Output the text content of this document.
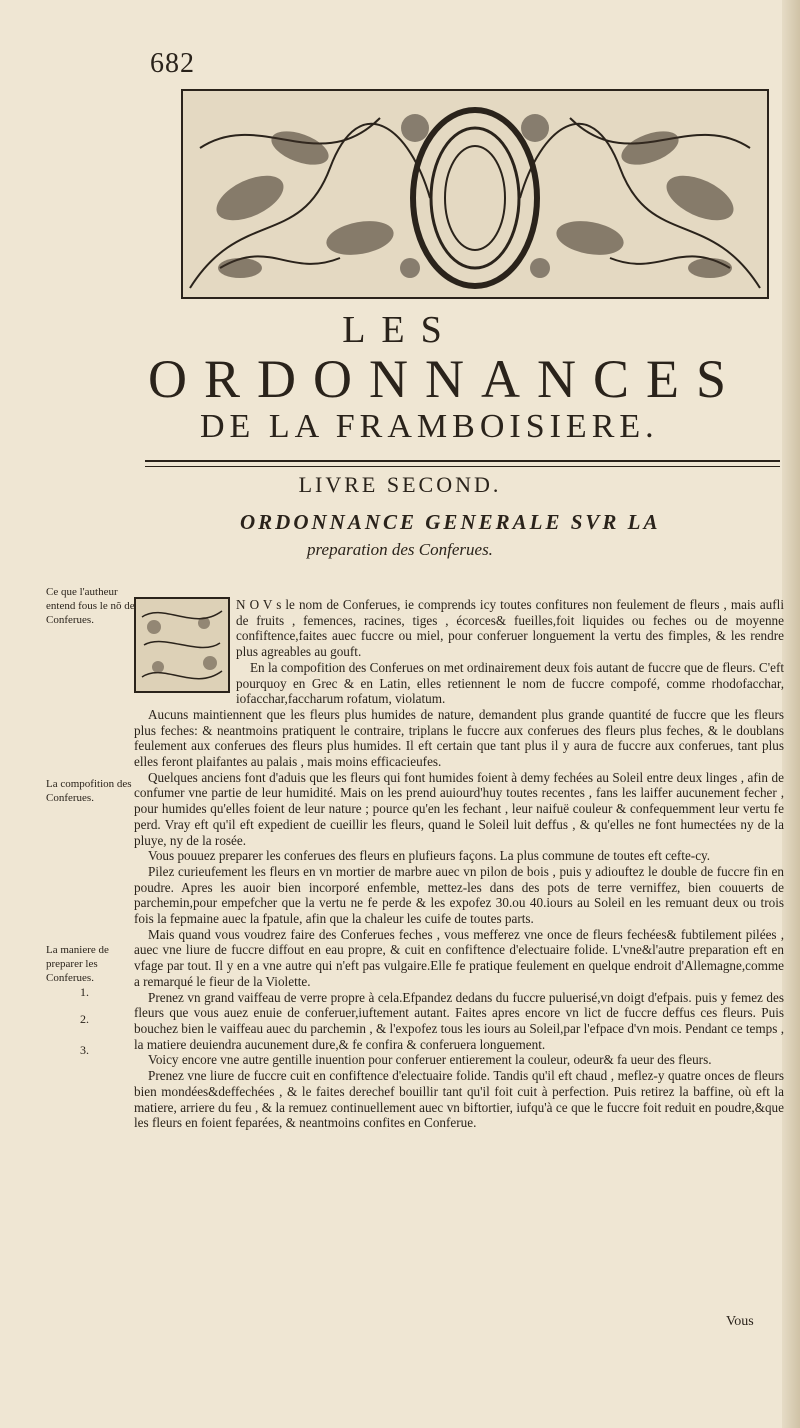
682
LES
ORDONNANCES
DE LA FRAMBOISIERE.
LIVRE SECOND.
ORDONNANCE GENERALE SVR LA
preparation des Conferues.
Ce que l'autheur entend fous le nõ de Conferues.
La compofition des Conferues.
La maniere de preparer les Conferues.
1.
2.
3.

N O V s le nom de Conferues, ie comprends icy toutes confitures non feulement de fleurs , mais aufli de fruits , femences, racines, tiges , écorces& fueilles,foit liquides ou feches ou de moyenne confiftence,faites auec fuccre ou miel, pour conferuer longuement la vertu des fimples, & les rendre plus agreables au gouft.

En la compofition des Conferues on met ordinairement deux fois autant de fuccre que de fleurs. C'eft pourquoy en Grec & en Latin, elles retiennent le nom de fuccre compofé, comme rhodofacchar, iofacchar,faccharum rofatum, violatum.

Aucuns maintiennent que les fleurs plus humides de nature, demandent plus grande quantité de fuccre que les fleurs plus feches: & neantmoins pratiquent le contraire, triplans le fuccre aux conferues des fleurs plus feches, & le doublans feulement aux conferues des fleurs plus humides. Il eft certain que tant plus il y aura de fuccre aux conferues, tant plus elles feront plaifantes au palais , mais moins efficacieufes.

Quelques anciens font d'aduis que les fleurs qui font humides foient à demy fechées au Soleil entre deux linges , afin de confumer vne partie de leur humidité. Mais on les prend auiourd'huy toutes recentes , fans les laiffer aucunement fecher , pour humides qu'elles foient de leur nature ; pource qu'en les fechant , leur naifuë couleur & confequemment leur vertu fe perd. Vray eft qu'il eft expedient de cueillir les fleurs, quand le Soleil luit deffus , & qu'elles ne font humectées ny de la pluye, ny de la rosée.

Vous pouuez preparer les conferues des fleurs en plufieurs façons. La plus commune de toutes eft cefte-cy.

Pilez curieufement les fleurs en vn mortier de marbre auec vn pilon de bois , puis y adiouftez le double de fuccre fin en poudre. Apres les auoir bien incorporé enfemble, mettez-les dans des pots de terre verniffez, bien couuerts de parchemin,pour empefcher que la vertu ne fe perde & les expofez 30.ou 40.iours au Soleil en les remuant deux ou trois fois la fepmaine auec la fpatule, afin que la chaleur les cuife de toutes parts.

Mais quand vous voudrez faire des Conferues feches , vous mefferez vne once de fleurs fechées& fubtilement pilées , auec vne liure de fuccre diffout en eau propre, & cuit en confiftence d'electuaire folide. L'vne&l'autre preparation eft en vfage par tout. Il y en a vne autre qui n'eft pas vulgaire.Elle fe pratique feulement en quelque endroit d'Allemagne,comme a remarqué le fieur de la Violette.

Prenez vn grand vaiffeau de verre propre à cela.Efpandez dedans du fuccre puluerisé,vn doigt d'efpais. puis y femez des fleurs que vous auez enuie de conferuer,iuftement autant. Faites apres encore vn lict de fuccre deffus ces fleurs. Puis bouchez bien le vaiffeau auec du parchemin , & l'expofez tous les iours au Soleil,par l'efpace d'vn mois. Pendant ce temps , la matiere deuiendra aucunement dure,& fe confira & conferuera longuement.

Voicy encore vne autre gentille inuention pour conferuer entierement la couleur, odeur& fa ueur des fleurs.

Prenez vne liure de fuccre cuit en confiftence d'electuaire folide. Tandis qu'il eft chaud , meflez-y quatre onces de fleurs bien mondées&deffechées , & le faites derechef bouillir tant qu'il foit cuit à perfection. Puis retirez la baffine, où eft la matiere, arriere du feu , & la remuez continuellement auec vn biftortier, iufqu'à ce que le fuccre foit reduit en poudre,&que les fleurs en foient feparées, & neantmoins confites en Conferue.

Vous
